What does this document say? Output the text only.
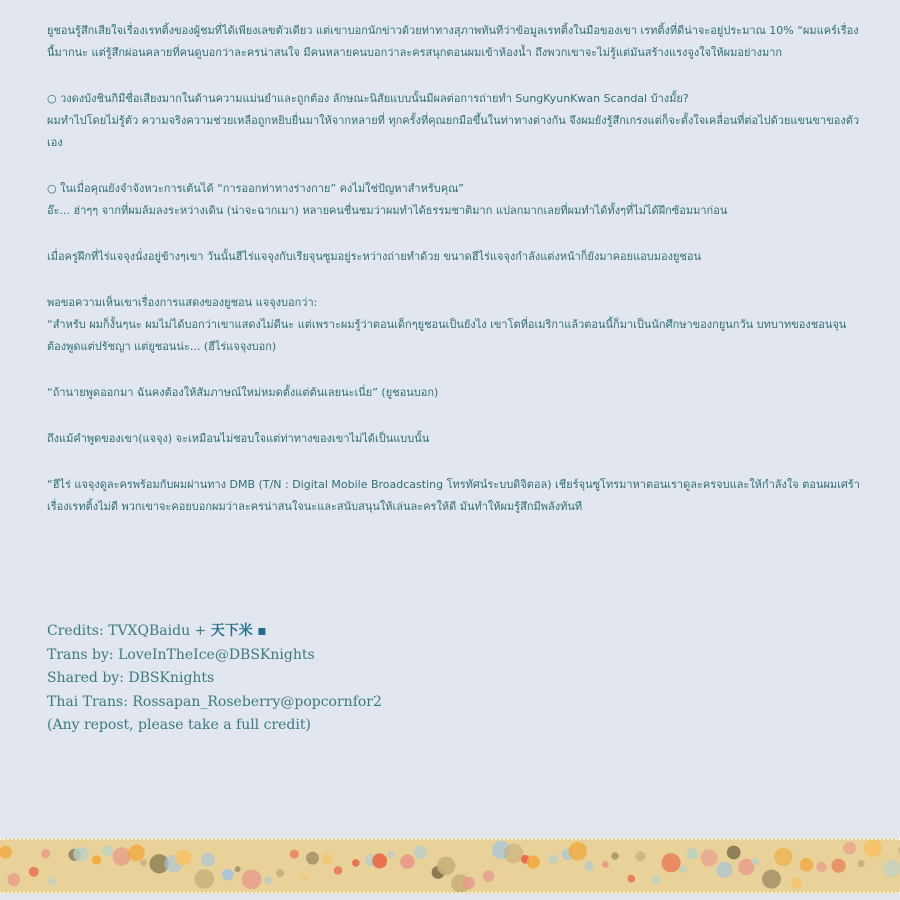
ยูชอนรู้สึกเสียใจเรื่องเรทติ้งของผู้ชมที่ได้เพียงเลขตัวเดียว แต่เขาบอกนักข่าวด้วยท่าทางสุภาพทันทีว่าข้อมูลเรทติ้งในมือของเขา เรทติ้งที่ดีน่าจะอยู่ประมาณ 10% “ผมแคร์เรื่องนี้มากนะ แต่รู้สึกผ่อนคลายที่คนดูบอกว่าละครน่าสนใจ มีคนหลายคนบอกว่าละครสนุกตอนผมเข้าห้องน้ำ ถึงพวกเขาจะไม่รู้แต่มันสร้างแรงจูงใจให้ผมอย่างมาก

○ วงดงบังชินกิมีชื่อเสียงมากในด้านความแม่นยำและถูกต้อง ลักษณะนิสัยแบบนั้นมีผลต่อการถ่ายทำ SungKyunKwan Scandal บ้างมั้ย?
ผมทำไปโดยไม่รู้ตัว ความจริงความช่วยเหลือถูกหยิบยื่นมาให้จากหลายที่ ทุกครั้งที่คุณยกมือขึ้นในท่าทางต่างกัน จึงผมยังรู้สึกเกรงแต่ก็จะตั้งใจเคลื่อนที่ต่อไปด้วยแขนขาของตัวเอง

○ ในเมื่อคุณยังจำจังหวะการเต้นได้ “การออกท่าทางร่างกาย” คงไม่ใช่ปัญหาสำหรับคุณ”
อ๊ะ... ฮ่าๆๆ จากที่ผมล้มลงระหว่างเดิน (น่าจะฉากเมา) หลายคนชื่นชมว่าผมทำได้ธรรมชาติมาก แปลกมากเลยที่ผมทำได้ทั้งๆที่ไม่ได้ฝึกซ้อมมาก่อน

เมื่อครูฝึกที่ไร่แจจุงนั่งอยู่ข้างๆเขา วันนั้นฮีไร่แจจุงกับเรียจุนซูมอยู่ระหว่างถ่ายทำด้วย ขนาดฮีไร่แจจุงกำลังแต่งหน้าก็ยังมาคอยแอบมองยูชอน

พอขอความเห็นเขาเรื่องการแสดงของยูชอน แจจุงบอกว่า:
“สำหรับ ผมก็งั้นๆนะ ผมไม่ได้บอกว่าเขาแสดงไม่ดีนะ แต่เพราะผมรู้ว่าตอนเด็กๆยูชอนเป็นยังไง เขาโตที่อเมริกาแล้วตอนนี้ก็มาเป็นนักศึกษาของกยูนกวัน บทบาทของชอนจุนต้องพูดแต่ปรัชญา แต่ยูชอนน่ะ... (ฮีไร่แจจุงบอก)

“ถ้านายพูดออกมา ฉันคงต้องให้สัมภาษณ์ใหม่หมดตั้งแต่ต้นเลยนะเนี่ย” (ยูชอนบอก)

ถึงแม้คำพูดของเขา(แจจุง) จะเหมือนไม่ชอบใจแต่ท่าทางของเขาไม่ได้เป็นแบบนั้น

“ฮีไร่ แจจุงดูละครพร้อมกับผมผ่านทาง DMB (T/N : Digital Mobile Broadcasting โทรทัศน์ระบบดิจิตอล) เชียร์จุนซูโทรมาหาตอนเราดูละครจบและให้กำลังใจ ตอนผมเศร้าเรื่องเรทติ้งไม่ดี พวกเขาจะคอยบอกผมว่าละครน่าสนใจนะและสนับสนุนให้เล่นละครให้ดี มันทำให้ผมรู้สึกมีพลังทันที

Credits: TVXQBaidu + 天下米 ▪
Trans by: LoveInTheIce@DBSKnights
Shared by: DBSKnights
Thai Trans: Rossapan_Roseberry@popcornfor2
(Any repost, please take a full credit)
